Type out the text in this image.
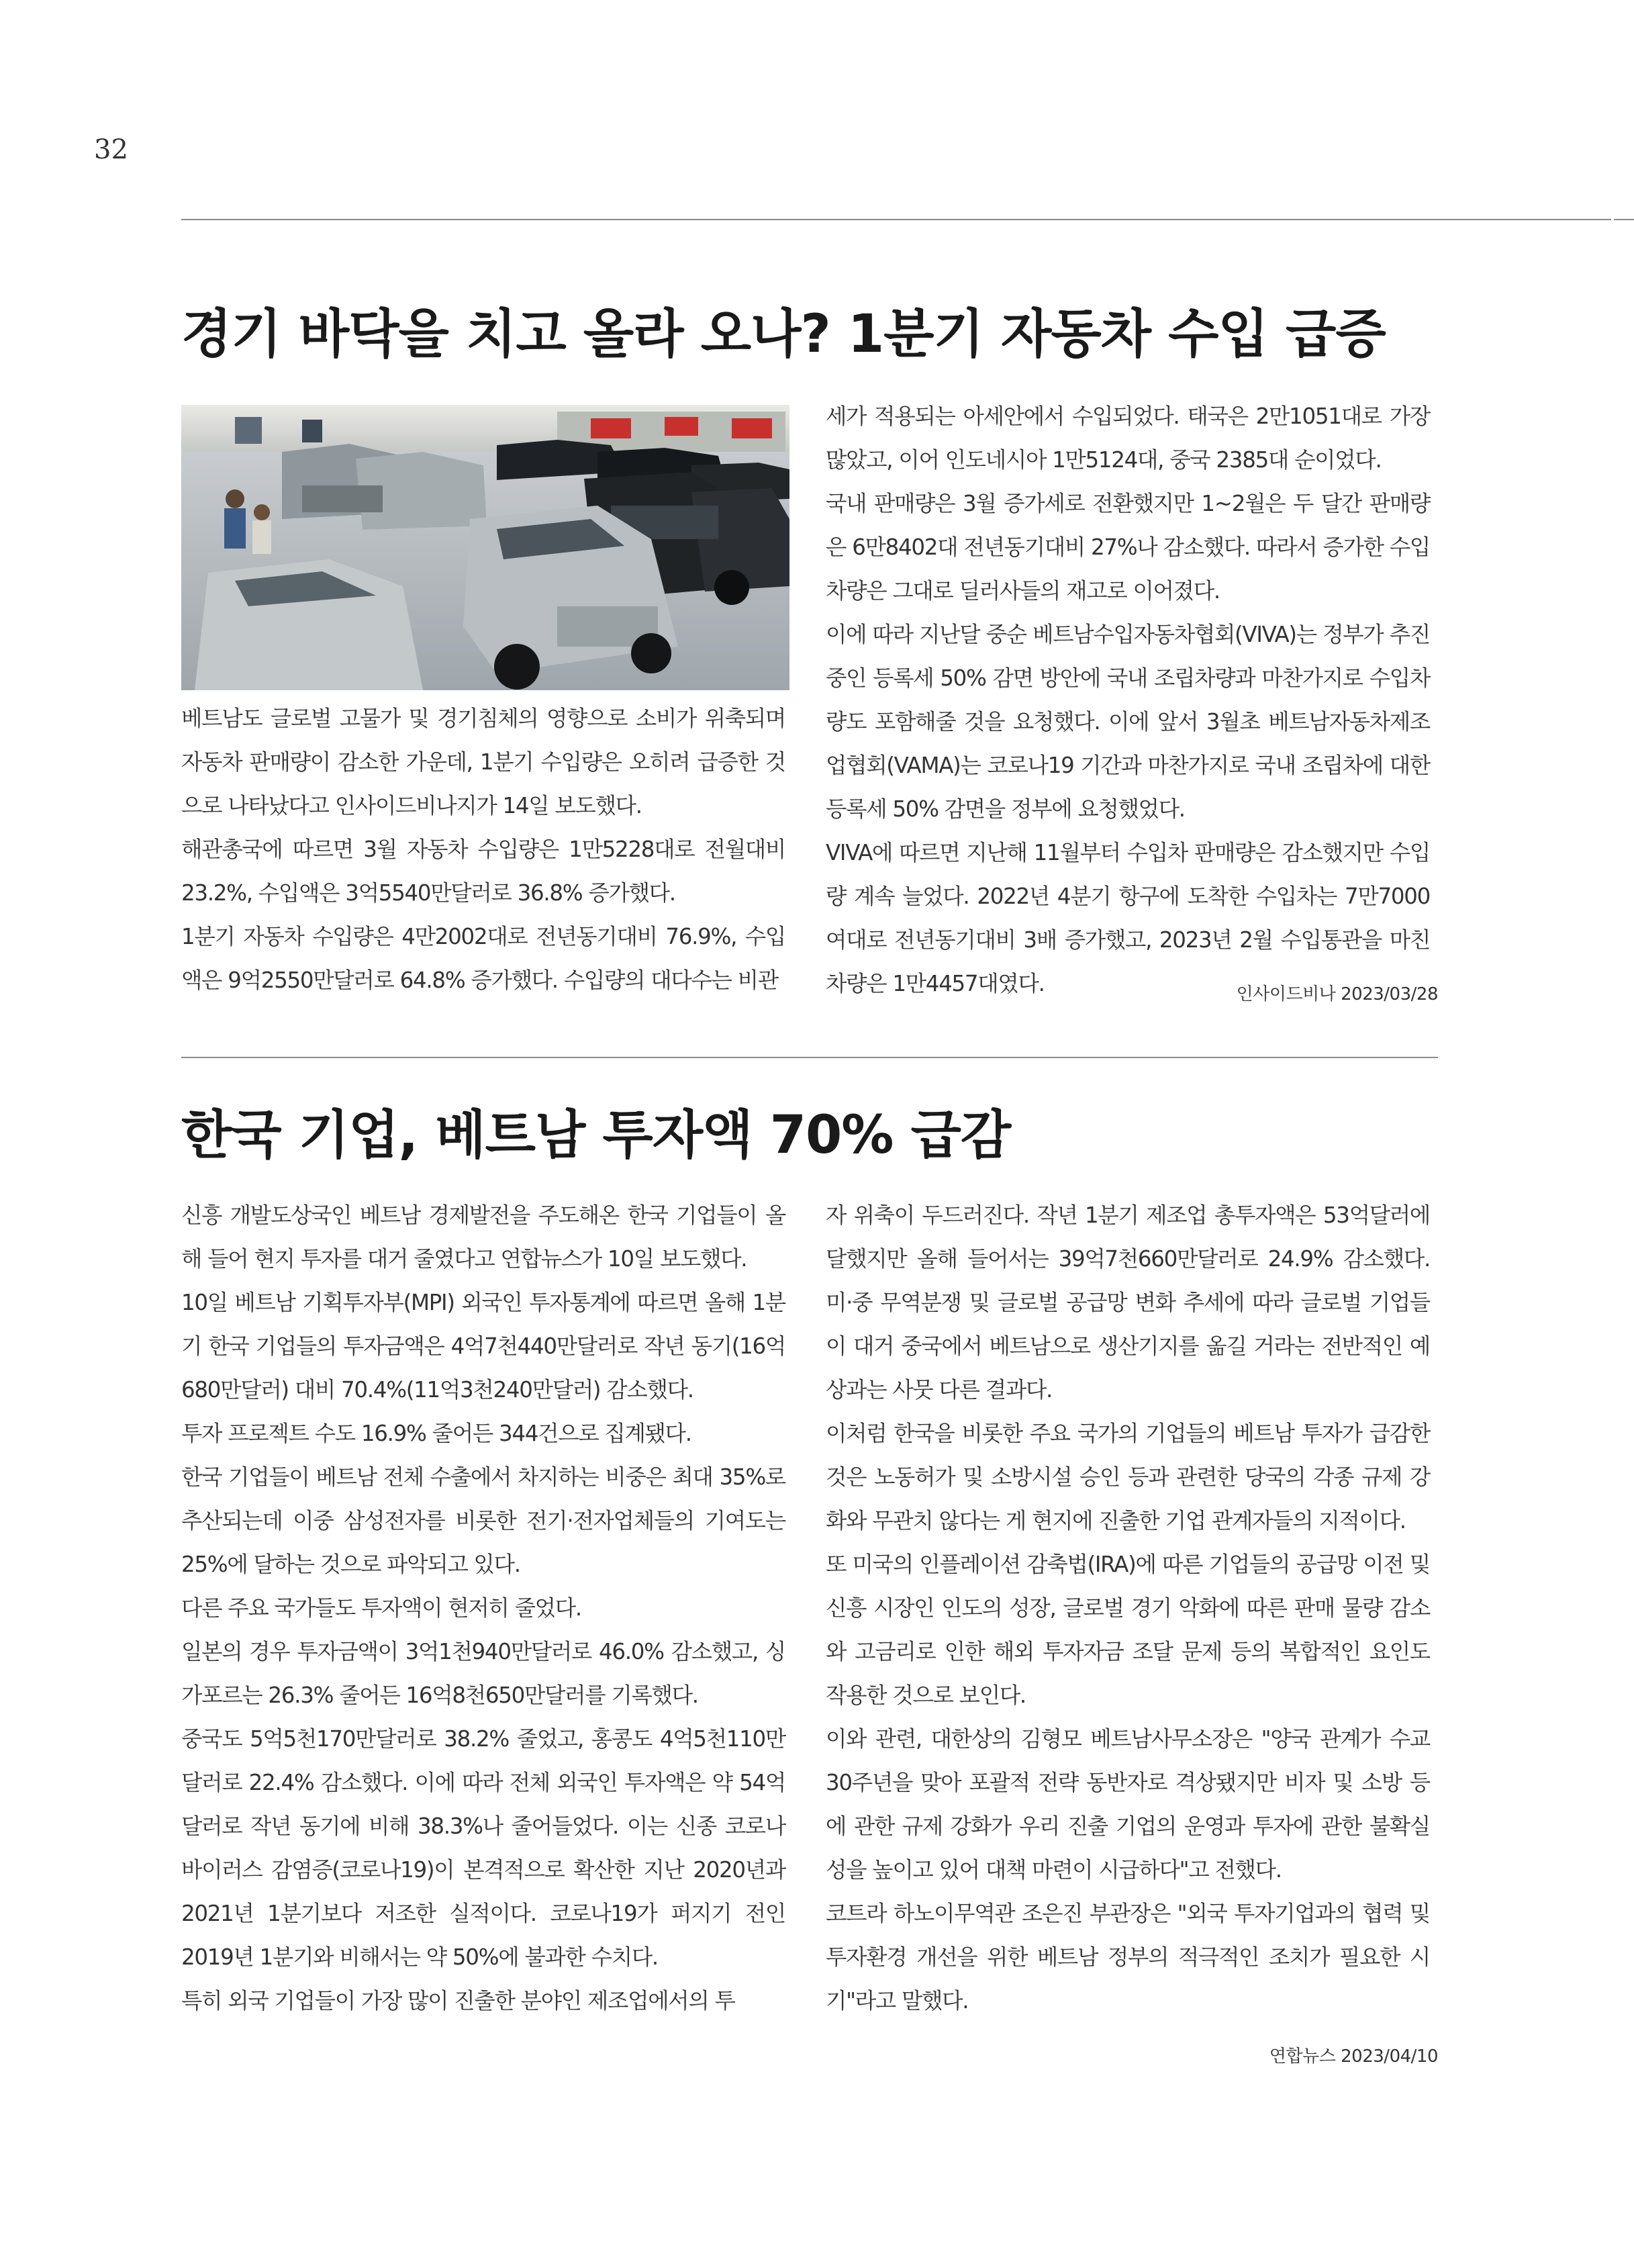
32
경기 바닥을 치고 올라 오나? 1분기 자동차 수입 급증

베트남도 글로벌 고물가 및 경기침체의 영향으로 소비가 위축되며 자동차 판매량이 감소한 가운데, 1분기 수입량은 오히려 급증한 것으로 나타났다고 인사이드비나지가 14일 보도했다.

해관총국에 따르면 3월 자동차 수입량은 1만5228대로 전월대비 23.2%, 수입액은 3억5540만달러로 36.8% 증가했다.

1분기 자동차 수입량은 4만2002대로 전년동기대비 76.9%, 수입액은 9억2550만달러로 64.8% 증가했다. 수입량의 대다수는 비관

세가 적용되는 아세안에서 수입되었다. 태국은 2만1051대로 가장 많았고, 이어 인도네시아 1만5124대, 중국 2385대 순이었다.

국내 판매량은 3월 증가세로 전환했지만 1~2월은 두 달간 판매량은 6만8402대 전년동기대비 27%나 감소했다. 따라서 증가한 수입차량은 그대로 딜러사들의 재고로 이어졌다.

이에 따라 지난달 중순 베트남수입자동차협회(VIVA)는 정부가 추진중인 등록세 50% 감면 방안에 국내 조립차량과 마찬가지로 수입차량도 포함해줄 것을 요청했다. 이에 앞서 3월초 베트남자동차제조업협회(VAMA)는 코로나19 기간과 마찬가지로 국내 조립차에 대한 등록세 50% 감면을 정부에 요청했었다.

VIVA에 따르면 지난해 11월부터 수입차 판매량은 감소했지만 수입량 계속 늘었다. 2022년 4분기 항구에 도착한 수입차는 7만7000여대로 전년동기대비 3배 증가했고, 2023년 2월 수입통관을 마친 차량은 1만4457대였다.	인사이드비나 2023/03/28
한국 기업, 베트남 투자액 70% 급감

신흥 개발도상국인 베트남 경제발전을 주도해온 한국 기업들이 올해 들어 현지 투자를 대거 줄였다고 연합뉴스가 10일 보도했다.

10일 베트남 기획투자부(MPI) 외국인 투자통계에 따르면 올해 1분기 한국 기업들의 투자금액은 4억7천440만달러로 작년 동기(16억680만달러) 대비 70.4%(11억3천240만달러) 감소했다.

투자 프로젝트 수도 16.9% 줄어든 344건으로 집계됐다.

한국 기업들이 베트남 전체 수출에서 차지하는 비중은 최대 35%로 추산되는데 이중 삼성전자를 비롯한 전기·전자업체들의 기여도는 25%에 달하는 것으로 파악되고 있다.

다른 주요 국가들도 투자액이 현저히 줄었다.

일본의 경우 투자금액이 3억1천940만달러로 46.0% 감소했고, 싱가포르는 26.3% 줄어든 16억8천650만달러를 기록했다.

중국도 5억5천170만달러로 38.2% 줄었고, 홍콩도 4억5천110만달러로 22.4% 감소했다. 이에 따라 전체 외국인 투자액은 약 54억달러로 작년 동기에 비해 38.3%나 줄어들었다. 이는 신종 코로나바이러스 감염증(코로나19)이 본격적으로 확산한 지난 2020년과 2021년 1분기보다 저조한 실적이다. 코로나19가 퍼지기 전인 2019년 1분기와 비해서는 약 50%에 불과한 수치다.

특히 외국 기업들이 가장 많이 진출한 분야인 제조업에서의 투

자 위축이 두드러진다. 작년 1분기 제조업 총투자액은 53억달러에 달했지만 올해 들어서는 39억7천660만달러로 24.9% 감소했다. 미·중 무역분쟁 및 글로벌 공급망 변화 추세에 따라 글로벌 기업들이 대거 중국에서 베트남으로 생산기지를 옮길 거라는 전반적인 예상과는 사뭇 다른 결과다.

이처럼 한국을 비롯한 주요 국가의 기업들의 베트남 투자가 급감한 것은 노동허가 및 소방시설 승인 등과 관련한 당국의 각종 규제 강화와 무관치 않다는 게 현지에 진출한 기업 관계자들의 지적이다.

또 미국의 인플레이션 감축법(IRA)에 따른 기업들의 공급망 이전 및 신흥 시장인 인도의 성장, 글로벌 경기 악화에 따른 판매 물량 감소와 고금리로 인한 해외 투자자금 조달 문제 등의 복합적인 요인도 작용한 것으로 보인다.

이와 관련, 대한상의 김형모 베트남사무소장은 "양국 관계가 수교 30주년을 맞아 포괄적 전략 동반자로 격상됐지만 비자 및 소방 등에 관한 규제 강화가 우리 진출 기업의 운영과 투자에 관한 불확실성을 높이고 있어 대책 마련이 시급하다"고 전했다.

코트라 하노이무역관 조은진 부관장은 "외국 투자기업과의 협력 및 투자환경 개선을 위한 베트남 정부의 적극적인 조치가 필요한 시기"라고 말했다.

연합뉴스 2023/04/10
